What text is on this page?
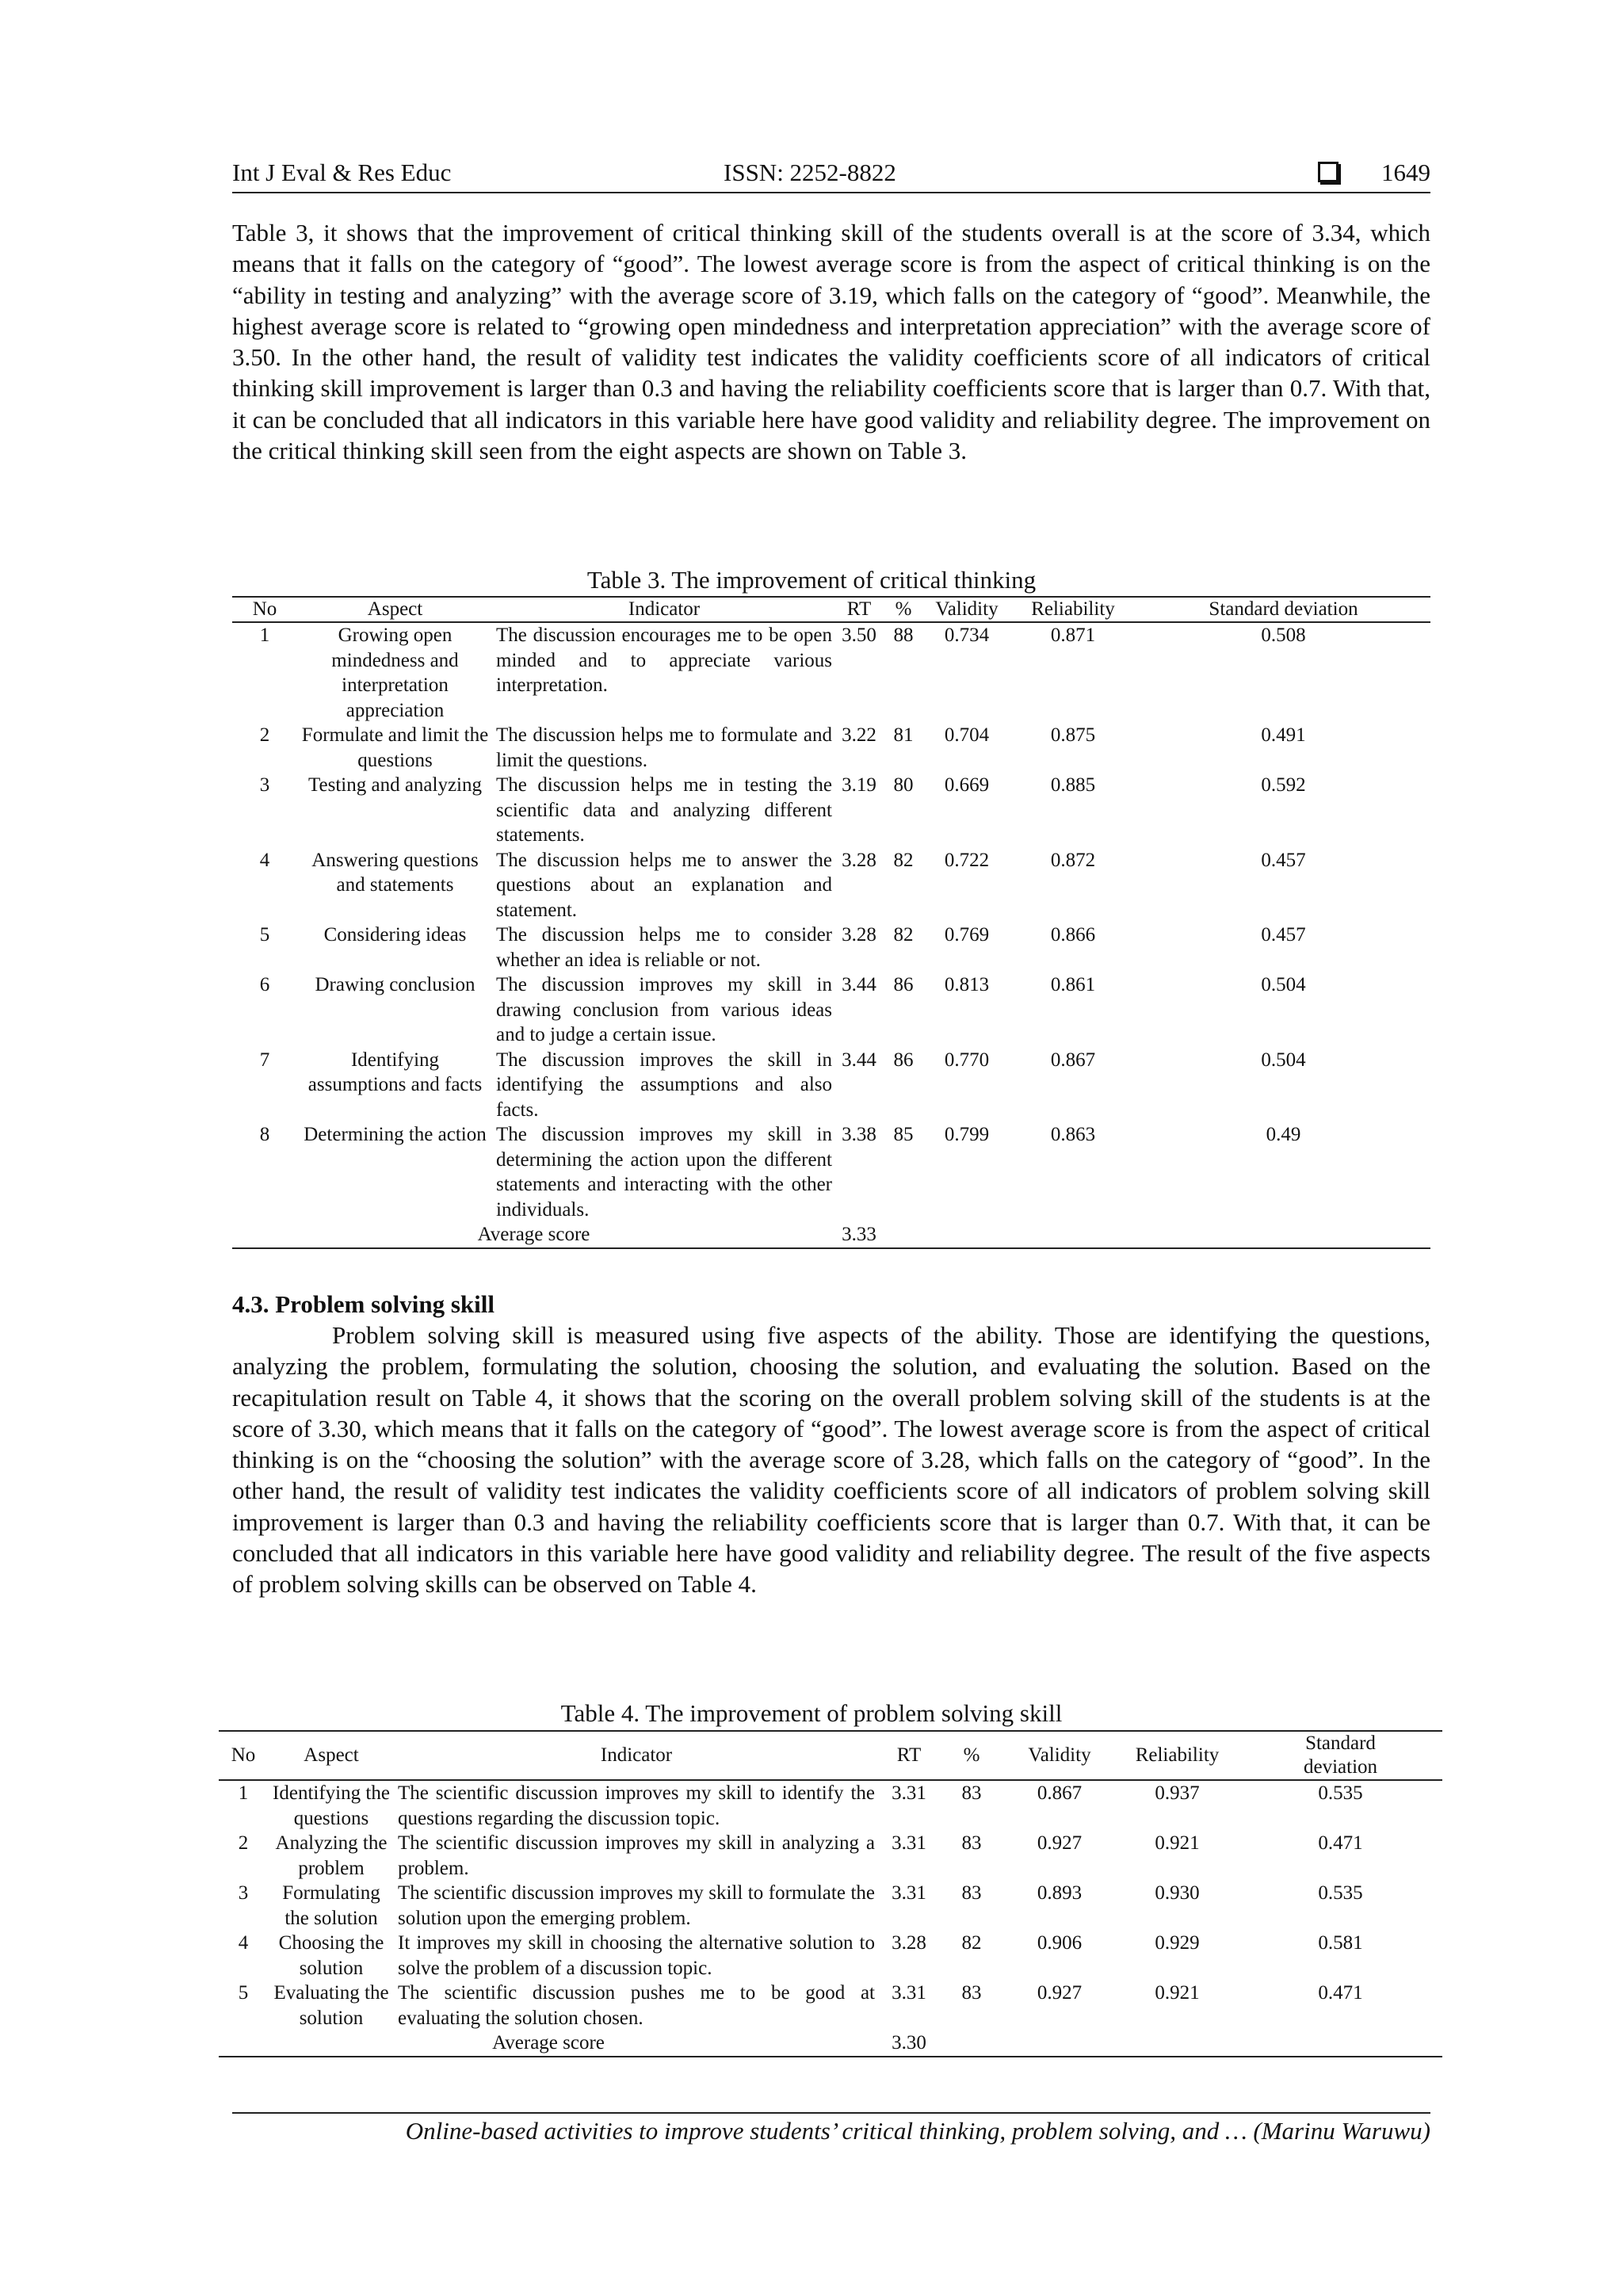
Int J Eval & Res Educ	ISSN: 2252-8822	1649

Table 3, it shows that the improvement of critical thinking skill of the students overall is at the score of 3.34, which means that it falls on the category of “good”. The lowest average score is from the aspect of critical thinking is on the “ability in testing and analyzing” with the average score of 3.19, which falls on the category of “good”. Meanwhile, the highest average score is related to “growing open mindedness and interpretation appreciation” with the average score of 3.50. In the other hand, the result of validity test indicates the validity coefficients score of all indicators of critical thinking skill improvement is larger than 0.3 and having the reliability coefficients score that is larger than 0.7. With that, it can be concluded that all indicators in this variable here have good validity and reliability degree. The improvement on the critical thinking skill seen from the eight aspects are shown on Table 3.

Table 3. The improvement of critical thinking
No	Aspect	Indicator	RT	%	Validity	Reliability	Standard deviation
1	Growing open mindedness and interpretation appreciation	The discussion encourages me to be open minded and to appreciate various interpretation.	3.50	88	0.734	0.871	0.508
2	Formulate and limit the questions	The discussion helps me to formulate and limit the questions.	3.22	81	0.704	0.875	0.491
3	Testing and analyzing	The discussion helps me in testing the scientific data and analyzing different statements.	3.19	80	0.669	0.885	0.592
4	Answering questions and statements	The discussion helps me to answer the questions about an explanation and statement.	3.28	82	0.722	0.872	0.457
5	Considering ideas	The discussion helps me to consider whether an idea is reliable or not.	3.28	82	0.769	0.866	0.457
6	Drawing conclusion	The discussion improves my skill in drawing conclusion from various ideas and to judge a certain issue.	3.44	86	0.813	0.861	0.504
7	Identifying assumptions and facts	The discussion improves the skill in identifying the assumptions and also facts.	3.44	86	0.770	0.867	0.504
8	Determining the action	The discussion improves my skill in determining the action upon the different statements and interacting with the other individuals.	3.38	85	0.799	0.863	0.49
Average score			3.33				
4.3. Problem solving skill

Problem solving skill is measured using five aspects of the ability. Those are identifying the questions, analyzing the problem, formulating the solution, choosing the solution, and evaluating the solution. Based on the recapitulation result on Table 4, it shows that the scoring on the overall problem solving skill of the students is at the score of 3.30, which means that it falls on the category of “good”. The lowest average score is from the aspect of critical thinking is on the “choosing the solution” with the average score of 3.28, which falls on the category of “good”. In the other hand, the result of validity test indicates the validity coefficients score of all indicators of problem solving skill improvement is larger than 0.3 and having the reliability coefficients score that is larger than 0.7. With that, it can be concluded that all indicators in this variable here have good validity and reliability degree. The result of the five aspects of problem solving skills can be observed on Table 4.

Table 4. The improvement of problem solving skill
No	Aspect	Indicator	RT	%	Validity	Reliability	Standard deviation
1	Identifying the questions	The scientific discussion improves my skill to identify the questions regarding the discussion topic.	3.31	83	0.867	0.937	0.535
2	Analyzing the problem	The scientific discussion improves my skill in analyzing a problem.	3.31	83	0.927	0.921	0.471
3	Formulating the solution	The scientific discussion improves my skill to formulate the solution upon the emerging problem.	3.31	83	0.893	0.930	0.535
4	Choosing the solution	It improves my skill in choosing the alternative solution to solve the problem of a discussion topic.	3.28	82	0.906	0.929	0.581
5	Evaluating the solution	The scientific discussion pushes me to be good at evaluating the solution chosen.	3.31	83	0.927	0.921	0.471
Average score			3.30				
Online-based activities to improve students’ critical thinking, problem solving, and … (Marinu Waruwu)
